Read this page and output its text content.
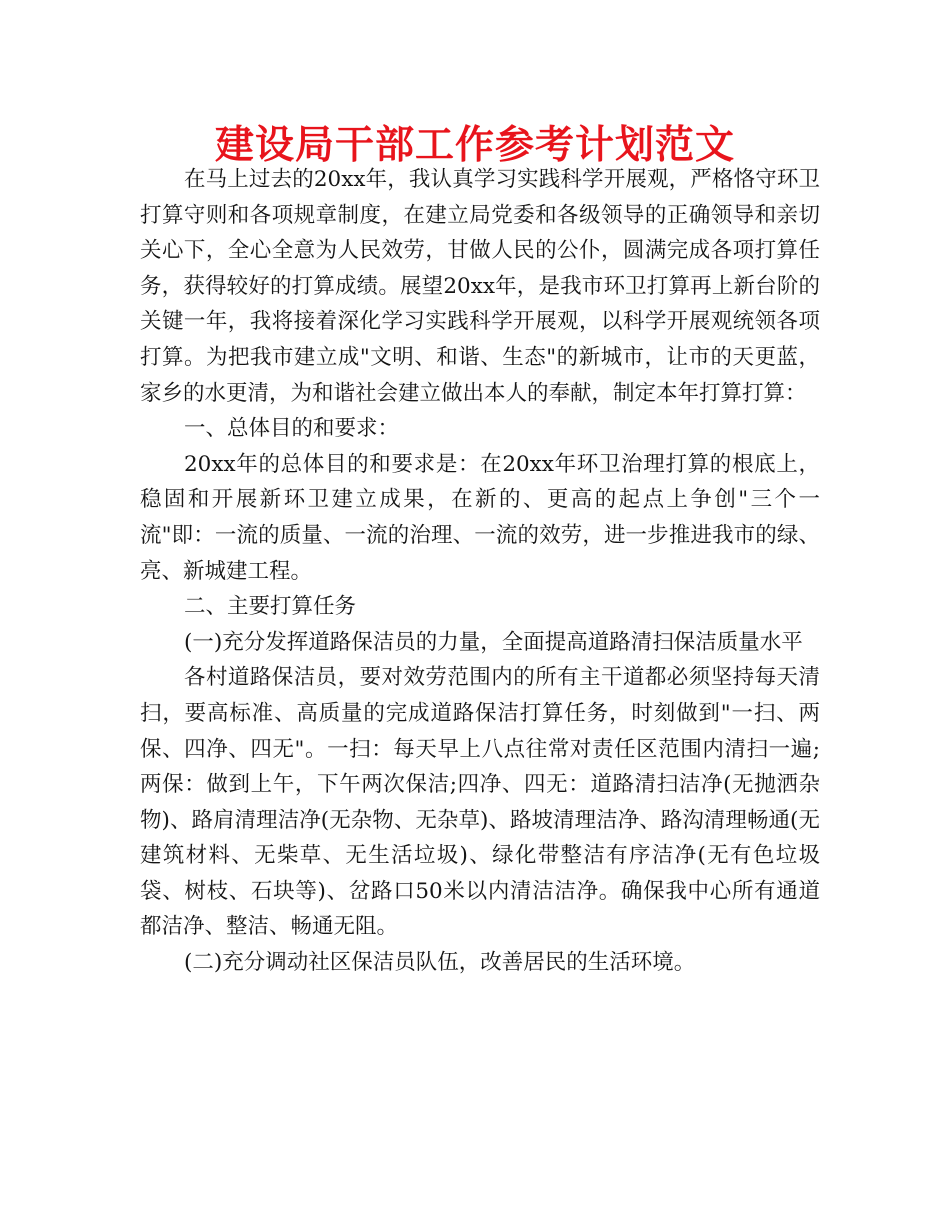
建设局干部工作参考计划范文

在马上过去的20xx年，我认真学习实践科学开展观，严格恪守环卫打算守则和各项规章制度，在建立局党委和各级领导的正确领导和亲切关心下，全心全意为人民效劳，甘做人民的公仆，圆满完成各项打算任务，获得较好的打算成绩。展望20xx年，是我市环卫打算再上新台阶的关键一年，我将接着深化学习实践科学开展观，以科学开展观统领各项打算。为把我市建立成"文明、和谐、生态"的新城市，让市的天更蓝，家乡的水更清，为和谐社会建立做出本人的奉献，制定本年打算打算：

一、总体目的和要求：

20xx年的总体目的和要求是：在20xx年环卫治理打算的根底上，稳固和开展新环卫建立成果，在新的、更高的起点上争创"三个一流"即：一流的质量、一流的治理、一流的效劳，进一步推进我市的绿、亮、新城建工程。

二、主要打算任务

(一)充分发挥道路保洁员的力量，全面提高道路清扫保洁质量水平

各村道路保洁员，要对效劳范围内的所有主干道都必须坚持每天清扫，要高标准、高质量的完成道路保洁打算任务，时刻做到"一扫、两保、四净、四无"。一扫：每天早上八点往常对责任区范围内清扫一遍;两保：做到上午，下午两次保洁;四净、四无：道路清扫洁净(无抛洒杂物)、路肩清理洁净(无杂物、无杂草)、路坡清理洁净、路沟清理畅通(无建筑材料、无柴草、无生活垃圾)、绿化带整洁有序洁净(无有色垃圾袋、树枝、石块等)、岔路口50米以内清洁洁净。确保我中心所有通道都洁净、整洁、畅通无阻。

(二)充分调动社区保洁员队伍，改善居民的生活环境。
